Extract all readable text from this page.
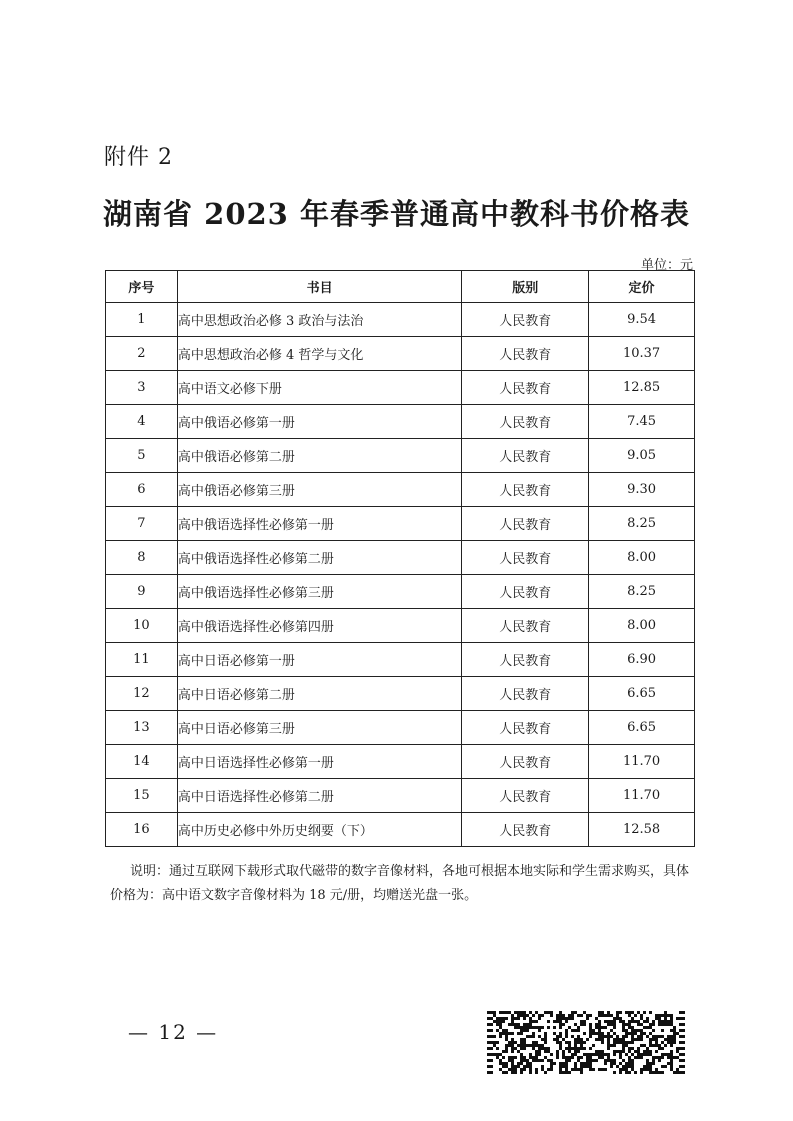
附件 2
湖南省 2023 年春季普通高中教科书价格表
单位：元
序号	书目	版别	定价
1	高中思想政治必修 3 政治与法治	人民教育	9.54
2	高中思想政治必修 4 哲学与文化	人民教育	10.37
3	高中语文必修下册	人民教育	12.85
4	高中俄语必修第一册	人民教育	7.45
5	高中俄语必修第二册	人民教育	9.05
6	高中俄语必修第三册	人民教育	9.30
7	高中俄语选择性必修第一册	人民教育	8.25
8	高中俄语选择性必修第二册	人民教育	8.00
9	高中俄语选择性必修第三册	人民教育	8.25
10	高中俄语选择性必修第四册	人民教育	8.00
11	高中日语必修第一册	人民教育	6.90
12	高中日语必修第二册	人民教育	6.65
13	高中日语必修第三册	人民教育	6.65
14	高中日语选择性必修第一册	人民教育	11.70
15	高中日语选择性必修第二册	人民教育	11.70
16	高中历史必修中外历史纲要（下）	人民教育	12.58
说明：通过互联网下载形式取代磁带的数字音像材料，各地可根据本地实际和学生需求购买，具体价格为：高中语文数字音像材料为 18 元/册，均赠送光盘一张。
— 12 —
